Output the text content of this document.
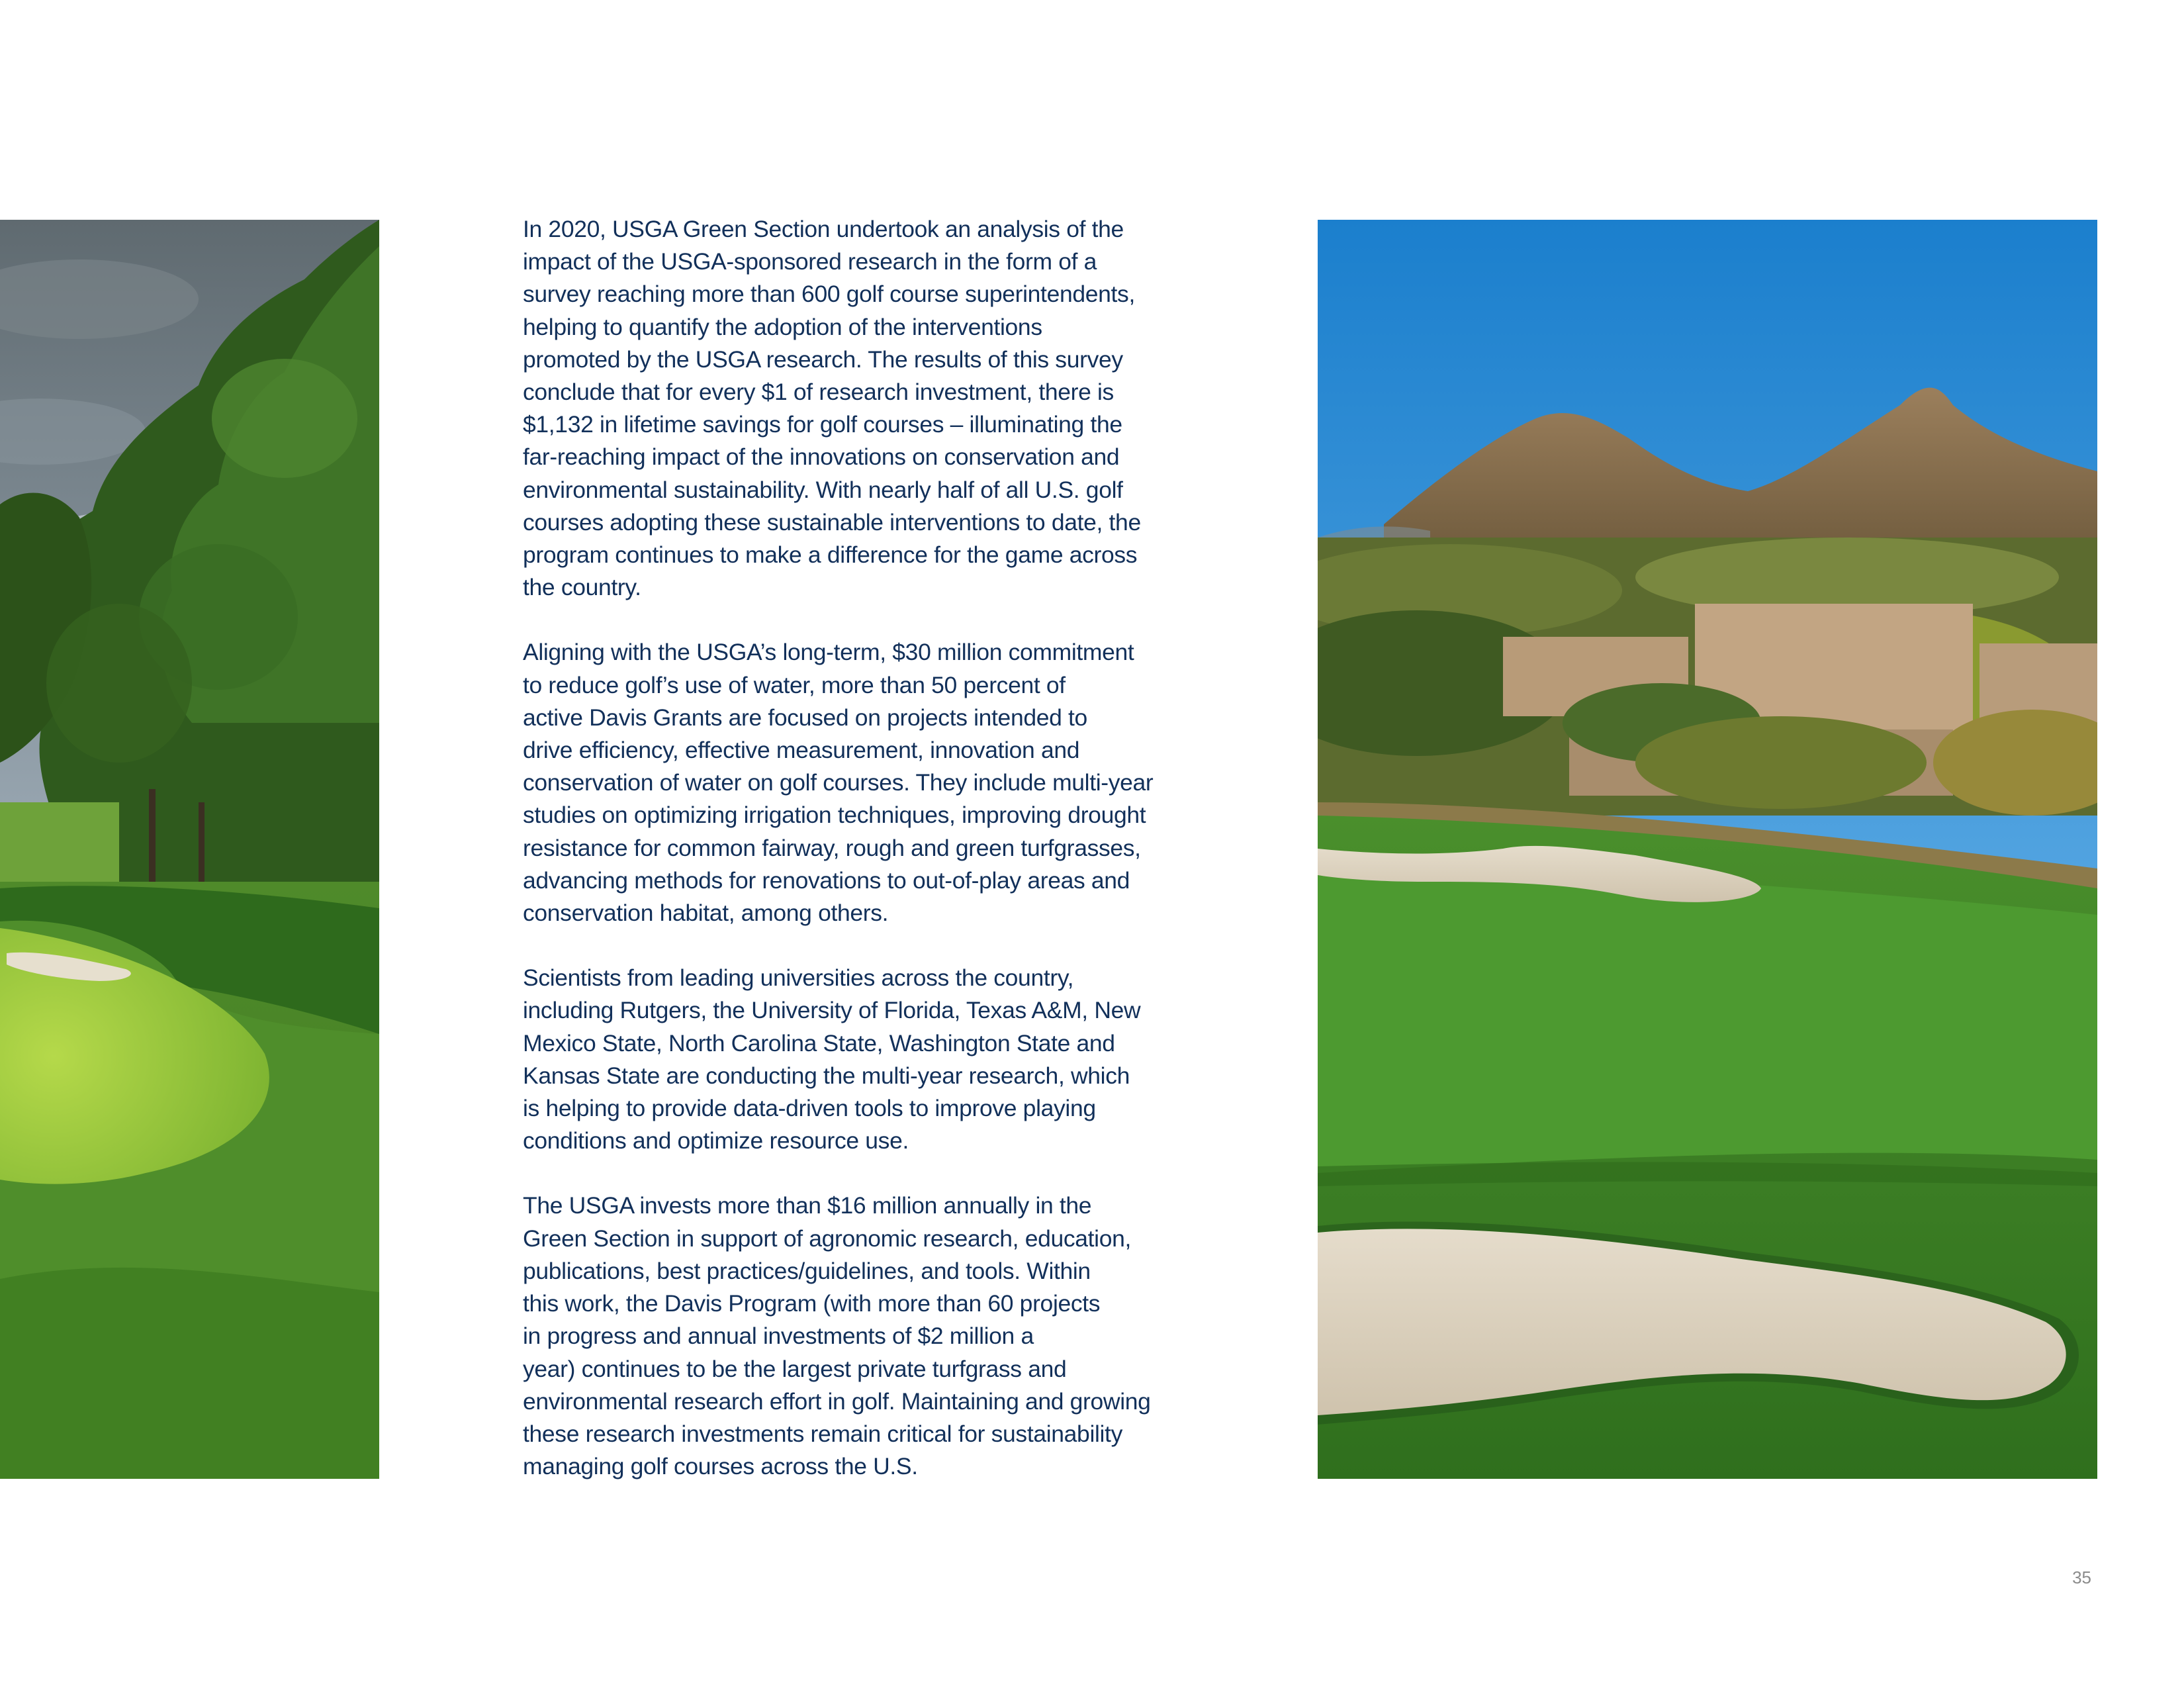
In 2020, USGA Green Section undertook an analysis of the
impact of the USGA-sponsored research in the form of a
survey reaching more than 600 golf course superintendents,
helping to quantify the adoption of the interventions
promoted by the USGA research. The results of this survey
conclude that for every $1 of research investment, there is
$1,132 in lifetime savings for golf courses – illuminating the
far-reaching impact of the innovations on conservation and
environmental sustainability. With nearly half of all U.S. golf
courses adopting these sustainable interventions to date, the
program continues to make a difference for the game across
the country.

Aligning with the USGA’s long-term, $30 million commitment
to reduce golf’s use of water, more than 50 percent of
active Davis Grants are focused on projects intended to
drive efficiency, effective measurement, innovation and
conservation of water on golf courses. They include multi-year
studies on optimizing irrigation techniques, improving drought
resistance for common fairway, rough and green turfgrasses,
advancing methods for renovations to out-of-play areas and
conservation habitat, among others.

Scientists from leading universities across the country,
including Rutgers, the University of Florida, Texas A&M, New
Mexico State, North Carolina State, Washington State and
Kansas State are conducting the multi-year research, which
is helping to provide data-driven tools to improve playing
conditions and optimize resource use.

The USGA invests more than $16 million annually in the
Green Section in support of agronomic research, education,
publications, best practices/guidelines, and tools. Within
this work, the Davis Program (with more than 60 projects
in progress and annual investments of $2 million a
year) continues to be the largest private turfgrass and
environmental research effort in golf. Maintaining and growing
these research investments remain critical for sustainability
managing golf courses across the U.S.

35
